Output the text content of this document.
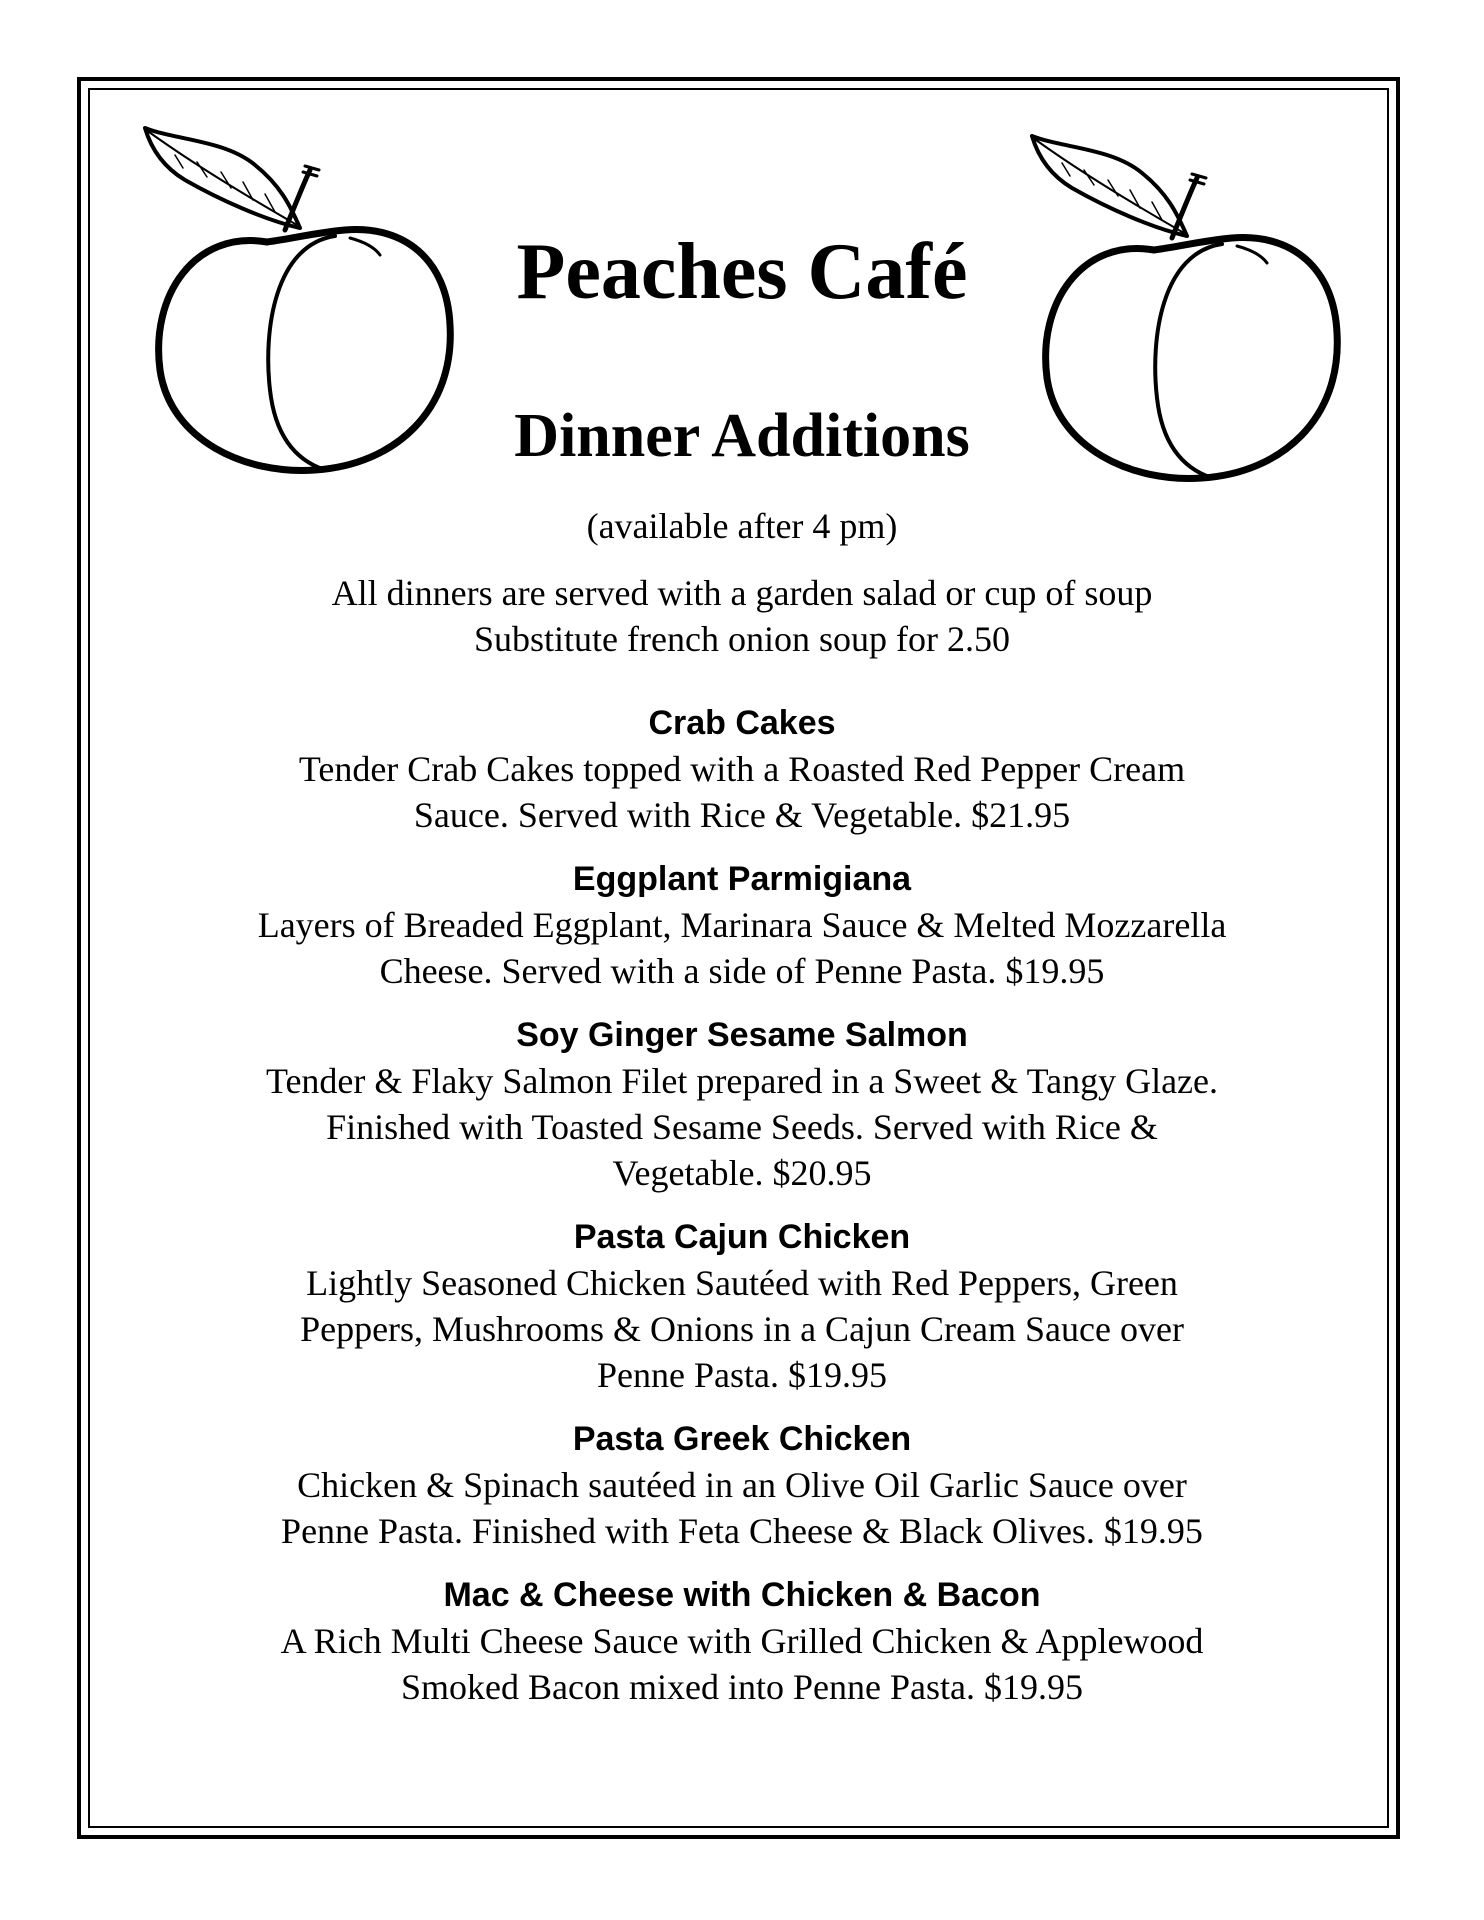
Peaches Café
Dinner Additions
(available after 4 pm)
All dinners are served with a garden salad or cup of soup
Substitute french onion soup for 2.50
Crab Cakes
Tender Crab Cakes topped with a Roasted Red Pepper Cream
Sauce. Served with Rice & Vegetable. $21.95
Eggplant Parmigiana
Layers of Breaded Eggplant, Marinara Sauce & Melted Mozzarella
Cheese. Served with a side of Penne Pasta. $19.95
Soy Ginger Sesame Salmon
Tender & Flaky Salmon Filet prepared in a Sweet & Tangy Glaze.
Finished with Toasted Sesame Seeds. Served with Rice &
Vegetable. $20.95
Pasta Cajun Chicken
Lightly Seasoned Chicken Sautéed with Red Peppers, Green
Peppers, Mushrooms & Onions in a Cajun Cream Sauce over
Penne Pasta. $19.95
Pasta Greek Chicken
Chicken & Spinach sautéed in an Olive Oil Garlic Sauce over
Penne Pasta. Finished with Feta Cheese & Black Olives. $19.95
Mac & Cheese with Chicken & Bacon
A Rich Multi Cheese Sauce with Grilled Chicken & Applewood
Smoked Bacon mixed into Penne Pasta. $19.95
